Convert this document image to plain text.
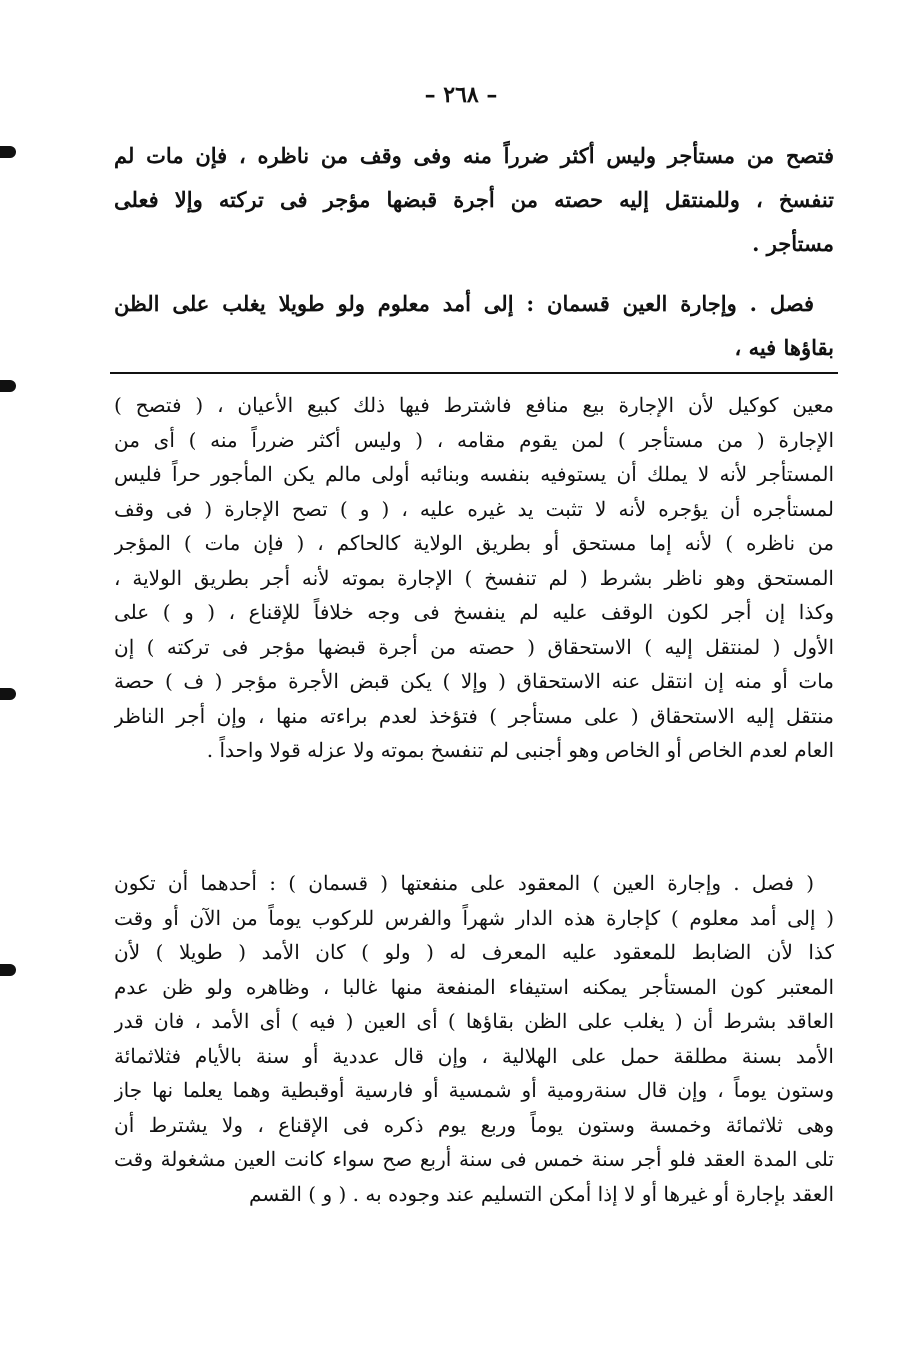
– ٢٦٨ –
فتصح من مستأجر وليس أكثر ضرراً منه وفى وقف من ناظره ، فإن مات لم
تنفسخ ، وللمنتقل إليه حصته من أجرة قبضها مؤجر فى تركته وإلا فعلى
مستأجر .
فصل . وإجارة العين قسمان : إلى أمد معلوم ولو طويلا يغلب على الظن
بقاؤها فيه ،
معين كوكيل لأن الإجارة بيع منافع فاشترط فيها ذلك كبيع الأعيان ، ( فتصح )
الإجارة ( من مستأجر ) لمن يقوم مقامه ، ( وليس أكثر ضرراً منه ) أى من
المستأجر لأنه لا يملك أن يستوفيه بنفسه وبنائبه أولى مالم يكن المأجور حراً فليس
لمستأجره أن يؤجره لأنه لا تثبت يد غيره عليه ، ( و ) تصح الإجارة ( فى وقف
من ناظره ) لأنه إما مستحق أو بطريق الولاية كالحاكم ، ( فإن مات ) المؤجر
المستحق وهو ناظر بشرط ( لم تنفسخ ) الإجارة بموته لأنه أجر بطريق الولاية ،
وكذا إن أجر لكون الوقف عليه لم ينفسخ فى وجه خلافاً للإقناع ، ( و ) على
الأول ( لمنتقل إليه ) الاستحقاق ( حصته من أجرة قبضها مؤجر فى تركته ) إن
مات أو منه إن انتقل عنه الاستحقاق ( وإلا ) يكن قبض الأجرة مؤجر ( ف ) حصة
منتقل إليه الاستحقاق ( على مستأجر ) فتؤخذ لعدم براءته منها ، وإن أجر الناظر
العام لعدم الخاص أو الخاص وهو أجنبى لم تنفسخ بموته ولا عزله قولا واحداً .
( فصل . وإجارة العين ) المعقود على منفعتها ( قسمان ) : أحدهما أن تكون
( إلى أمد معلوم ) كإجارة هذه الدار شهراً والفرس للركوب يوماً من الآن أو وقت
كذا لأن الضابط للمعقود عليه المعرف له ( ولو ) كان الأمد ( طويلا ) لأن
المعتبر كون المستأجر يمكنه استيفاء المنفعة منها غالبا ، وظاهره ولو ظن عدم
العاقد بشرط أن ( يغلب على الظن بقاؤها ) أى العين ( فيه ) أى الأمد ، فان قدر
الأمد بسنة مطلقة حمل على الهلالية ، وإن قال عددية أو سنة بالأيام فثلاثمائة
وستون يوماً ، وإن قال سنةرومية أو شمسية أو فارسية أوقبطية وهما يعلما نها جاز
وهى ثلاثمائة وخمسة وستون يوماً وربع يوم ذكره فى الإقناع ، ولا يشترط أن
تلى المدة العقد فلو أجر سنة خمس فى سنة أربع صح سواء كانت العين مشغولة وقت
العقد بإجارة أو غيرها أو لا إذا أمكن التسليم عند وجوده به . ( و ) القسم
